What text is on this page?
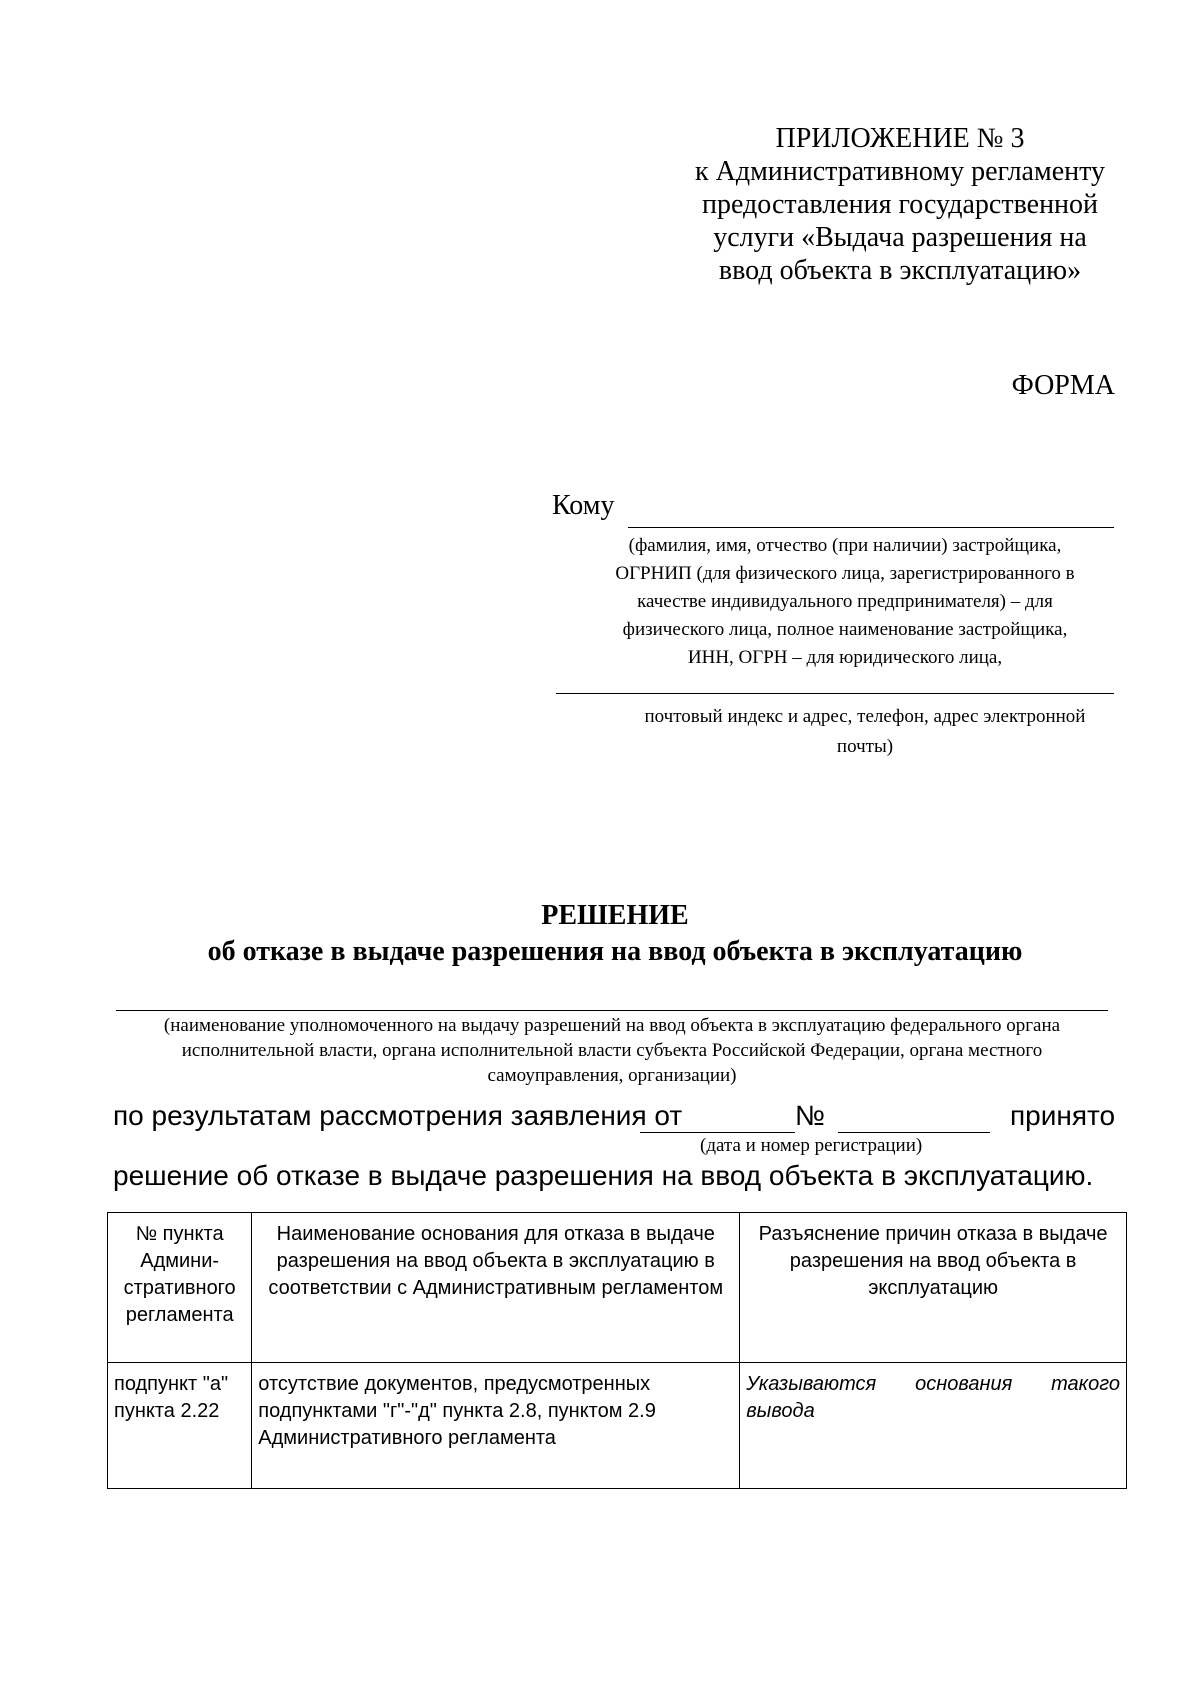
ПРИЛОЖЕНИЕ № 3
к Административному регламенту
предоставления государственной
услуги «Выдача разрешения на
ввод объекта в эксплуатацию»
ФОРМА
Кому
(фамилия, имя, отчество (при наличии) застройщика,
ОГРНИП (для физического лица, зарегистрированного в
качестве индивидуального предпринимателя) – для
физического лица, полное наименование застройщика,
ИНН, ОГРН – для юридического лица,
почтовый индекс и адрес, телефон, адрес электронной
почты)
РЕШЕНИЕ
об отказе в выдаче разрешения на ввод объекта в эксплуатацию
(наименование уполномоченного на выдачу разрешений на ввод объекта в эксплуатацию федерального органа
исполнительной власти, органа исполнительной власти субъекта Российской Федерации, органа местного
самоуправления, организации)
по результатам рассмотрения заявления от	№	принято
(дата и номер регистрации)
решение об отказе в выдаче разрешения на ввод объекта в эксплуатацию.
№ пункта Админи-стративного регламента	Наименование основания для отказа в выдаче разрешения на ввод объекта в эксплуатацию в соответствии с Административным регламентом	Разъяснение причин отказа в выдаче разрешения на ввод объекта в эксплуатацию
подпункт "а" пункта 2.22	отсутствие документов, предусмотренных подпунктами "г"-"д" пункта 2.8, пунктом 2.9 Административного регламента	Указываются основания такого вывода
